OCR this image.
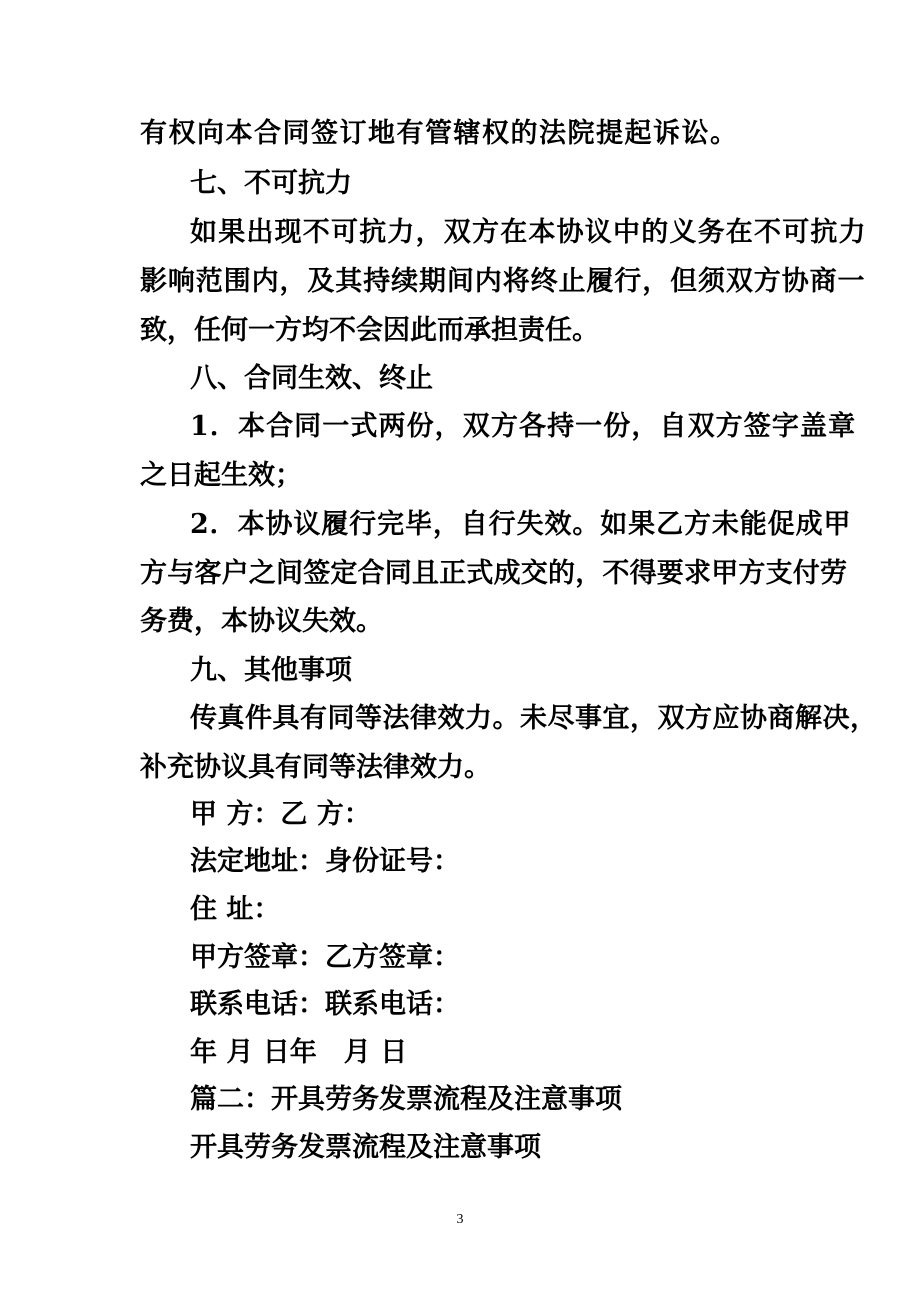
有权向本合同签订地有管辖权的法院提起诉讼。
七、不可抗力
如果出现不可抗力，双方在本协议中的义务在不可抗力
影响范围内，及其持续期间内将终止履行，但须双方协商一
致，任何一方均不会因此而承担责任。
八、合同生效、终止
1．本合同一式两份，双方各持一份，自双方签字盖章
之日起生效；
2．本协议履行完毕，自行失效。如果乙方未能促成甲
方与客户之间签定合同且正式成交的，不得要求甲方支付劳
务费，本协议失效。
九、其他事项
传真件具有同等法律效力。未尽事宜，双方应协商解决，
补充协议具有同等法律效力。
甲 方：乙 方：
法定地址：身份证号：
住 址：
甲方签章：乙方签章：
联系电话：联系电话：
年 月 日年　月 日
篇二：开具劳务发票流程及注意事项
开具劳务发票流程及注意事项
3
